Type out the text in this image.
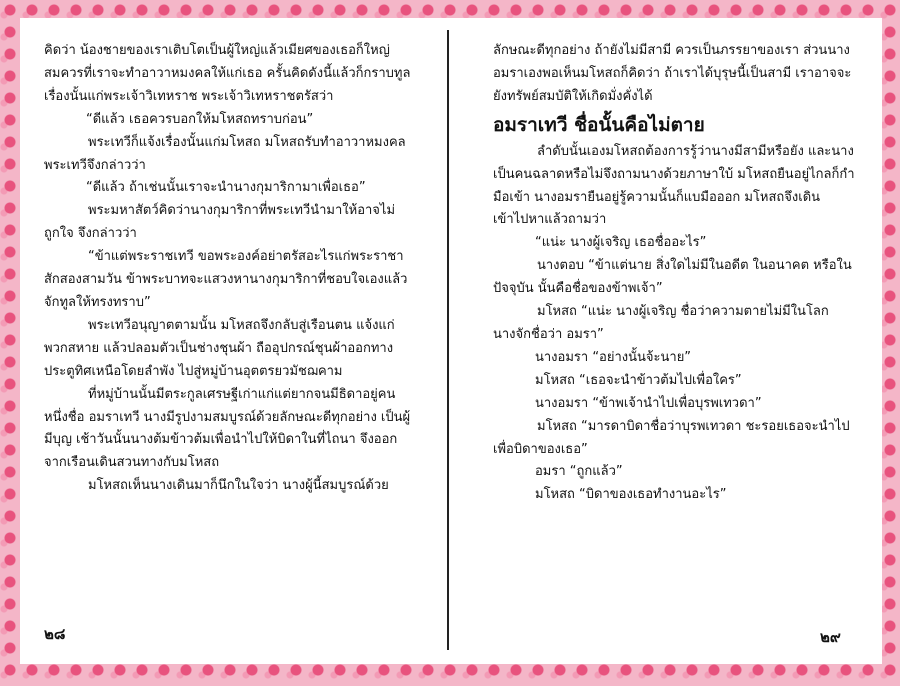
คิดว่า น้องชายของเราเติบโตเป็นผู้ใหญ่แล้วเมียศของเธอก็ใหญ่สมควรที่เราจะทำอาวาหมงคลให้แก่เธอ ครั้นคิดดังนี้แล้วก็กราบทูลเรื่องนั้นแก่พระเจ้าวิเทหราช พระเจ้าวิเทหราชตรัสว่า

“ดีแล้ว เธอควรบอกให้มโหสถทราบก่อน”

พระเทวีก็แจ้งเรื่องนั้นแก่มโหสถ มโหสถรับทำอาวาหมงคล พระเทวีจึงกล่าวว่า

“ดีแล้ว ถ้าเช่นนั้นเราจะนำนางกุมาริกามาเพื่อเธอ”

พระมหาสัตว์คิดว่านางกุมาริกาที่พระเทวีนำมาให้อาจไม่ถูกใจ จึงกล่าวว่า

“ข้าแต่พระราชเทวี ขอพระองค์อย่าตรัสอะไรแก่พระราชาสักสองสามวัน ข้าพระบาทจะแสวงหานางกุมาริกาที่ชอบใจเองแล้วจักทูลให้ทรงทราบ”

พระเทวีอนุญาตตามนั้น มโหสถจึงกลับสู่เรือนตน แจ้งแก่พวกสหาย แล้วปลอมตัวเป็นช่างชุนผ้า ถืออุปกรณ์ชุนผ้าออกทางประตูทิศเหนือโดยลำพัง ไปสู่หมู่บ้านอุตตรยวมัชฌคาม

ที่หมู่บ้านนั้นมีตระกูลเศรษฐีเก่าแก่แต่ยากจนมีธิดาอยู่คนหนึ่งชื่อ อมราเทวี นางมีรูปงามสมบูรณ์ด้วยลักษณะดีทุกอย่าง เป็นผู้มีบุญ เช้าวันนั้นนางต้มข้าวต้มเพื่อนำไปให้บิดาในที่ไถนา จึงออกจากเรือนเดินสวนทางกับมโหสถ

มโหสถเห็นนางเดินมาก็นึกในใจว่า นางผู้นี้สมบูรณ์ด้วย

๒๘

ลักษณะดีทุกอย่าง ถ้ายังไม่มีสามี ควรเป็นภรรยาของเรา ส่วนนางอมราเองพอเห็นมโหสถก็คิดว่า ถ้าเราได้บุรุษนี้เป็นสามี เราอาจจะยังทรัพย์สมบัติให้เกิดมั่งคั่งได้

อมราเทวี ชื่อนั้นคือไม่ตาย

ลำดับนั้นเองมโหสถต้องการรู้ว่านางมีสามีหรือยัง และนางเป็นคนฉลาดหรือไม่จึงถามนางด้วยภาษาใบ้ มโหสถยืนอยู่ไกลก็กำมือเข้า นางอมรายืนอยู่รู้ความนั้นก็แบมือออก มโหสถจึงเดินเข้าไปหาแล้วถามว่า

“แน่ะ นางผู้เจริญ เธอชื่ออะไร”

นางตอบ “ข้าแต่นาย สิ่งใดไม่มีในอดีต ในอนาคต หรือในปัจจุบัน นั้นคือชื่อของข้าพเจ้า”

มโหสถ “แน่ะ นางผู้เจริญ ชื่อว่าความตายไม่มีในโลก นางจักชื่อว่า อมรา”

นางอมรา “อย่างนั้นจ้ะนาย”

มโหสถ “เธอจะนำข้าวต้มไปเพื่อใคร”

นางอมรา “ข้าพเจ้านำไปเพื่อบุรพเทวดา”

มโหสถ “มารดาบิดาชื่อว่าบุรพเทวดา ชะรอยเธอจะนำไปเพื่อบิดาของเธอ”

อมรา “ถูกแล้ว”

มโหสถ “บิดาของเธอทำงานอะไร”

๒๙
